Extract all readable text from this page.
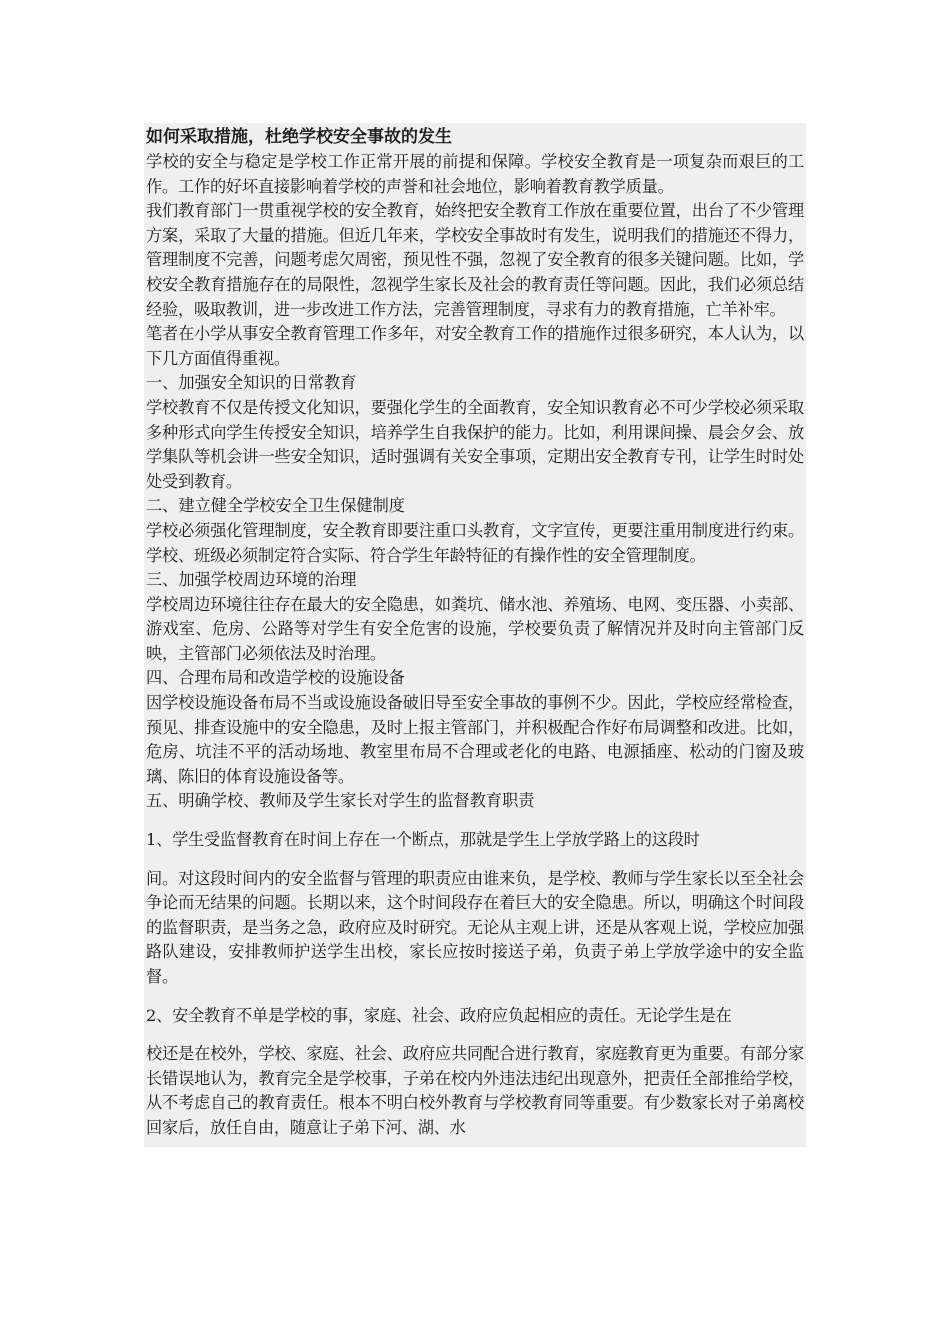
如何采取措施，杜绝学校安全事故的发生

学校的安全与稳定是学校工作正常开展的前提和保障。学校安全教育是一项复杂而艰巨的工作。工作的好坏直接影响着学校的声誉和社会地位，影响着教育教学质量。

我们教育部门一贯重视学校的安全教育，始终把安全教育工作放在重要位置，出台了不少管理方案，采取了大量的措施。但近几年来，学校安全事故时有发生，说明我们的措施还不得力，管理制度不完善，问题考虑欠周密，预见性不强，忽视了安全教育的很多关键问题。比如，学校安全教育措施存在的局限性，忽视学生家长及社会的教育责任等问题。因此，我们必须总结经验，吸取教训，进一步改进工作方法，完善管理制度，寻求有力的教育措施，亡羊补牢。

笔者在小学从事安全教育管理工作多年，对安全教育工作的措施作过很多研究，本人认为，以下几方面值得重视。

一、加强安全知识的日常教育

学校教育不仅是传授文化知识，要强化学生的全面教育，安全知识教育必不可少学校必须采取多种形式向学生传授安全知识，培养学生自我保护的能力。比如，利用课间操、晨会夕会、放学集队等机会讲一些安全知识，适时强调有关安全事项，定期出安全教育专刊，让学生时时处处受到教育。

二、建立健全学校安全卫生保健制度

学校必须强化管理制度，安全教育即要注重口头教育，文字宣传，更要注重用制度进行约束。学校、班级必须制定符合实际、符合学生年龄特征的有操作性的安全管理制度。

三、加强学校周边环境的治理

学校周边环境往往存在最大的安全隐患，如粪坑、储水池、养殖场、电网、变压器、小卖部、游戏室、危房、公路等对学生有安全危害的设施，学校要负责了解情况并及时向主管部门反映，主管部门必须依法及时治理。

四、合理布局和改造学校的设施设备

因学校设施设备布局不当或设施设备破旧导至安全事故的事例不少。因此，学校应经常检查，预见、排查设施中的安全隐患，及时上报主管部门，并积极配合作好布局调整和改进。比如，危房、坑洼不平的活动场地、教室里布局不合理或老化的电路、电源插座、松动的门窗及玻璃、陈旧的体育设施设备等。

五、明确学校、教师及学生家长对学生的监督教育职责

1、学生受监督教育在时间上存在一个断点，那就是学生上学放学路上的这段时

间。对这段时间内的安全监督与管理的职责应由谁来负，是学校、教师与学生家长以至全社会争论而无结果的问题。长期以来，这个时间段存在着巨大的安全隐患。所以，明确这个时间段的监督职责，是当务之急，政府应及时研究。无论从主观上讲，还是从客观上说，学校应加强路队建设，安排教师护送学生出校，家长应按时接送子弟，负责子弟上学放学途中的安全监督。

2、安全教育不单是学校的事，家庭、社会、政府应负起相应的责任。无论学生是在

校还是在校外，学校、家庭、社会、政府应共同配合进行教育，家庭教育更为重要。有部分家长错误地认为，教育完全是学校事，子弟在校内外违法违纪出现意外，把责任全部推给学校，从不考虑自己的教育责任。根本不明白校外教育与学校教育同等重要。有少数家长对子弟离校回家后，放任自由，随意让子弟下河、湖、水
